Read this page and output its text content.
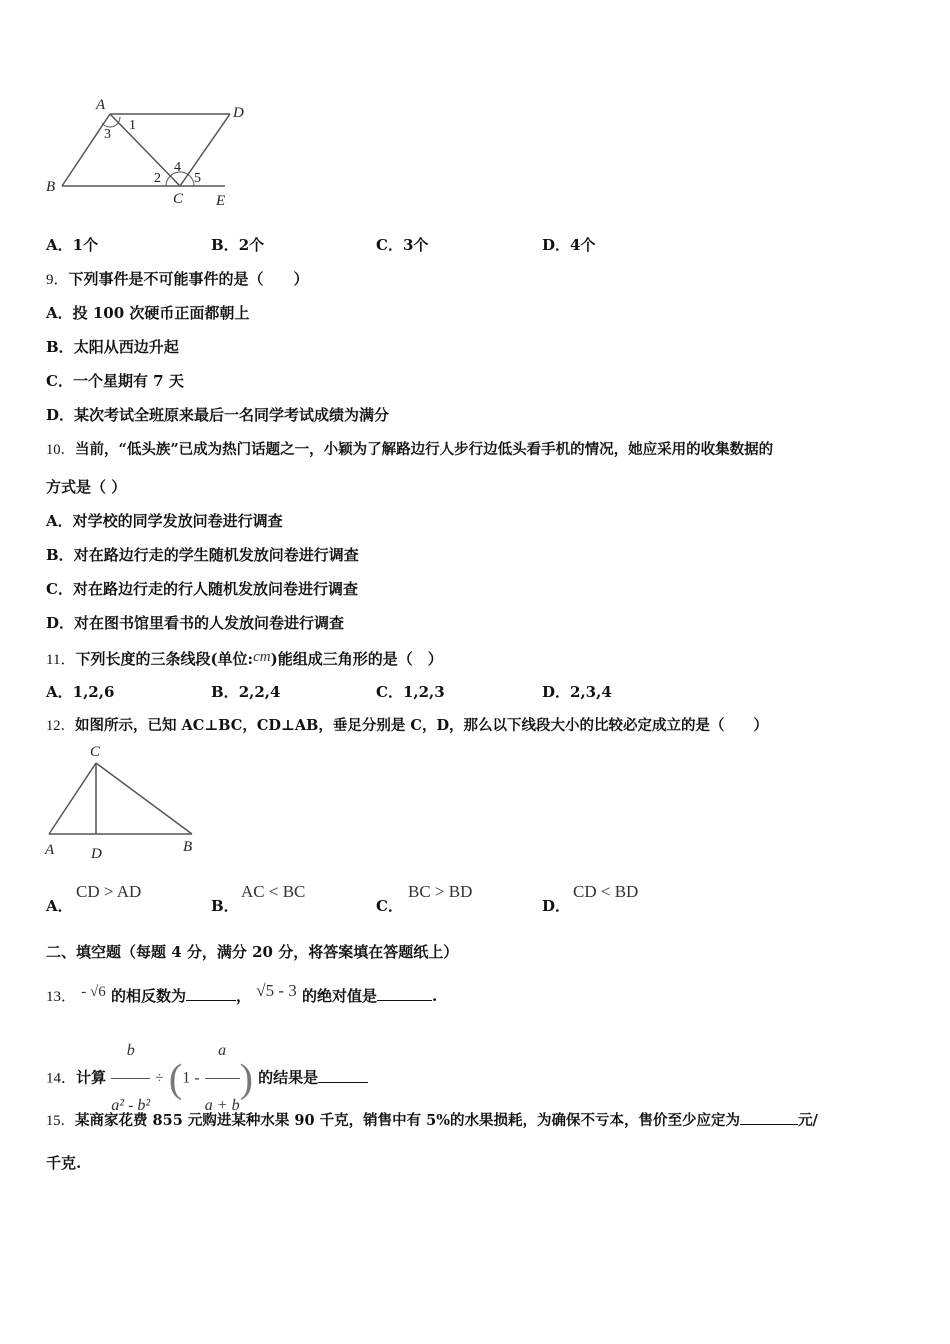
A	D
B
C E
1
2
3
4
5
A．1个	B．2个	C．3个	D．4个
9．下列事件是不可能事件的是（　　）
A．投 100 次硬币正面都朝上
B．太阳从西边升起
C．一个星期有 7 天
D．某次考试全班原来最后一名同学考试成绩为满分
10．当前，“低头族”已成为热门话题之一，小颖为了解路边行人步行边低头看手机的情况，她应采用的收集数据的
方式是（ ）
A．对学校的同学发放问卷进行调查
B．对在路边行走的学生随机发放问卷进行调查
C．对在路边行走的行人随机发放问卷进行调查
D．对在图书馆里看书的人发放问卷进行调查
11．下列长度的三条线段(单位:cm)能组成三角形的是（　）
A．1,2,6	B．2,2,4	C．1,2,3	D．2,3,4
12．如图所示，已知 AC⊥BC，CD⊥AB，垂足分别是 C，D，那么以下线段大小的比较必定成立的是（　　）
C
A D	B
A．
CD > AD
B．
AC < BC
C．
BC > BD
D．
CD < BD
二、填空题（每题 4 分，满分 20 分，将答案填在答题纸上）
13． - √6 的相反数为	， √5 - 3 的绝对值是	.
14．计算 $\frac{b}{\text{a² - b²}} \div (1 - \frac{a}{a + b}$ ) 的结果是
15．某商家花费 855 元购进某种水果 90 千克，销售中有 5%的水果损耗，为确保不亏本，售价至少应定为	元/
千克.
